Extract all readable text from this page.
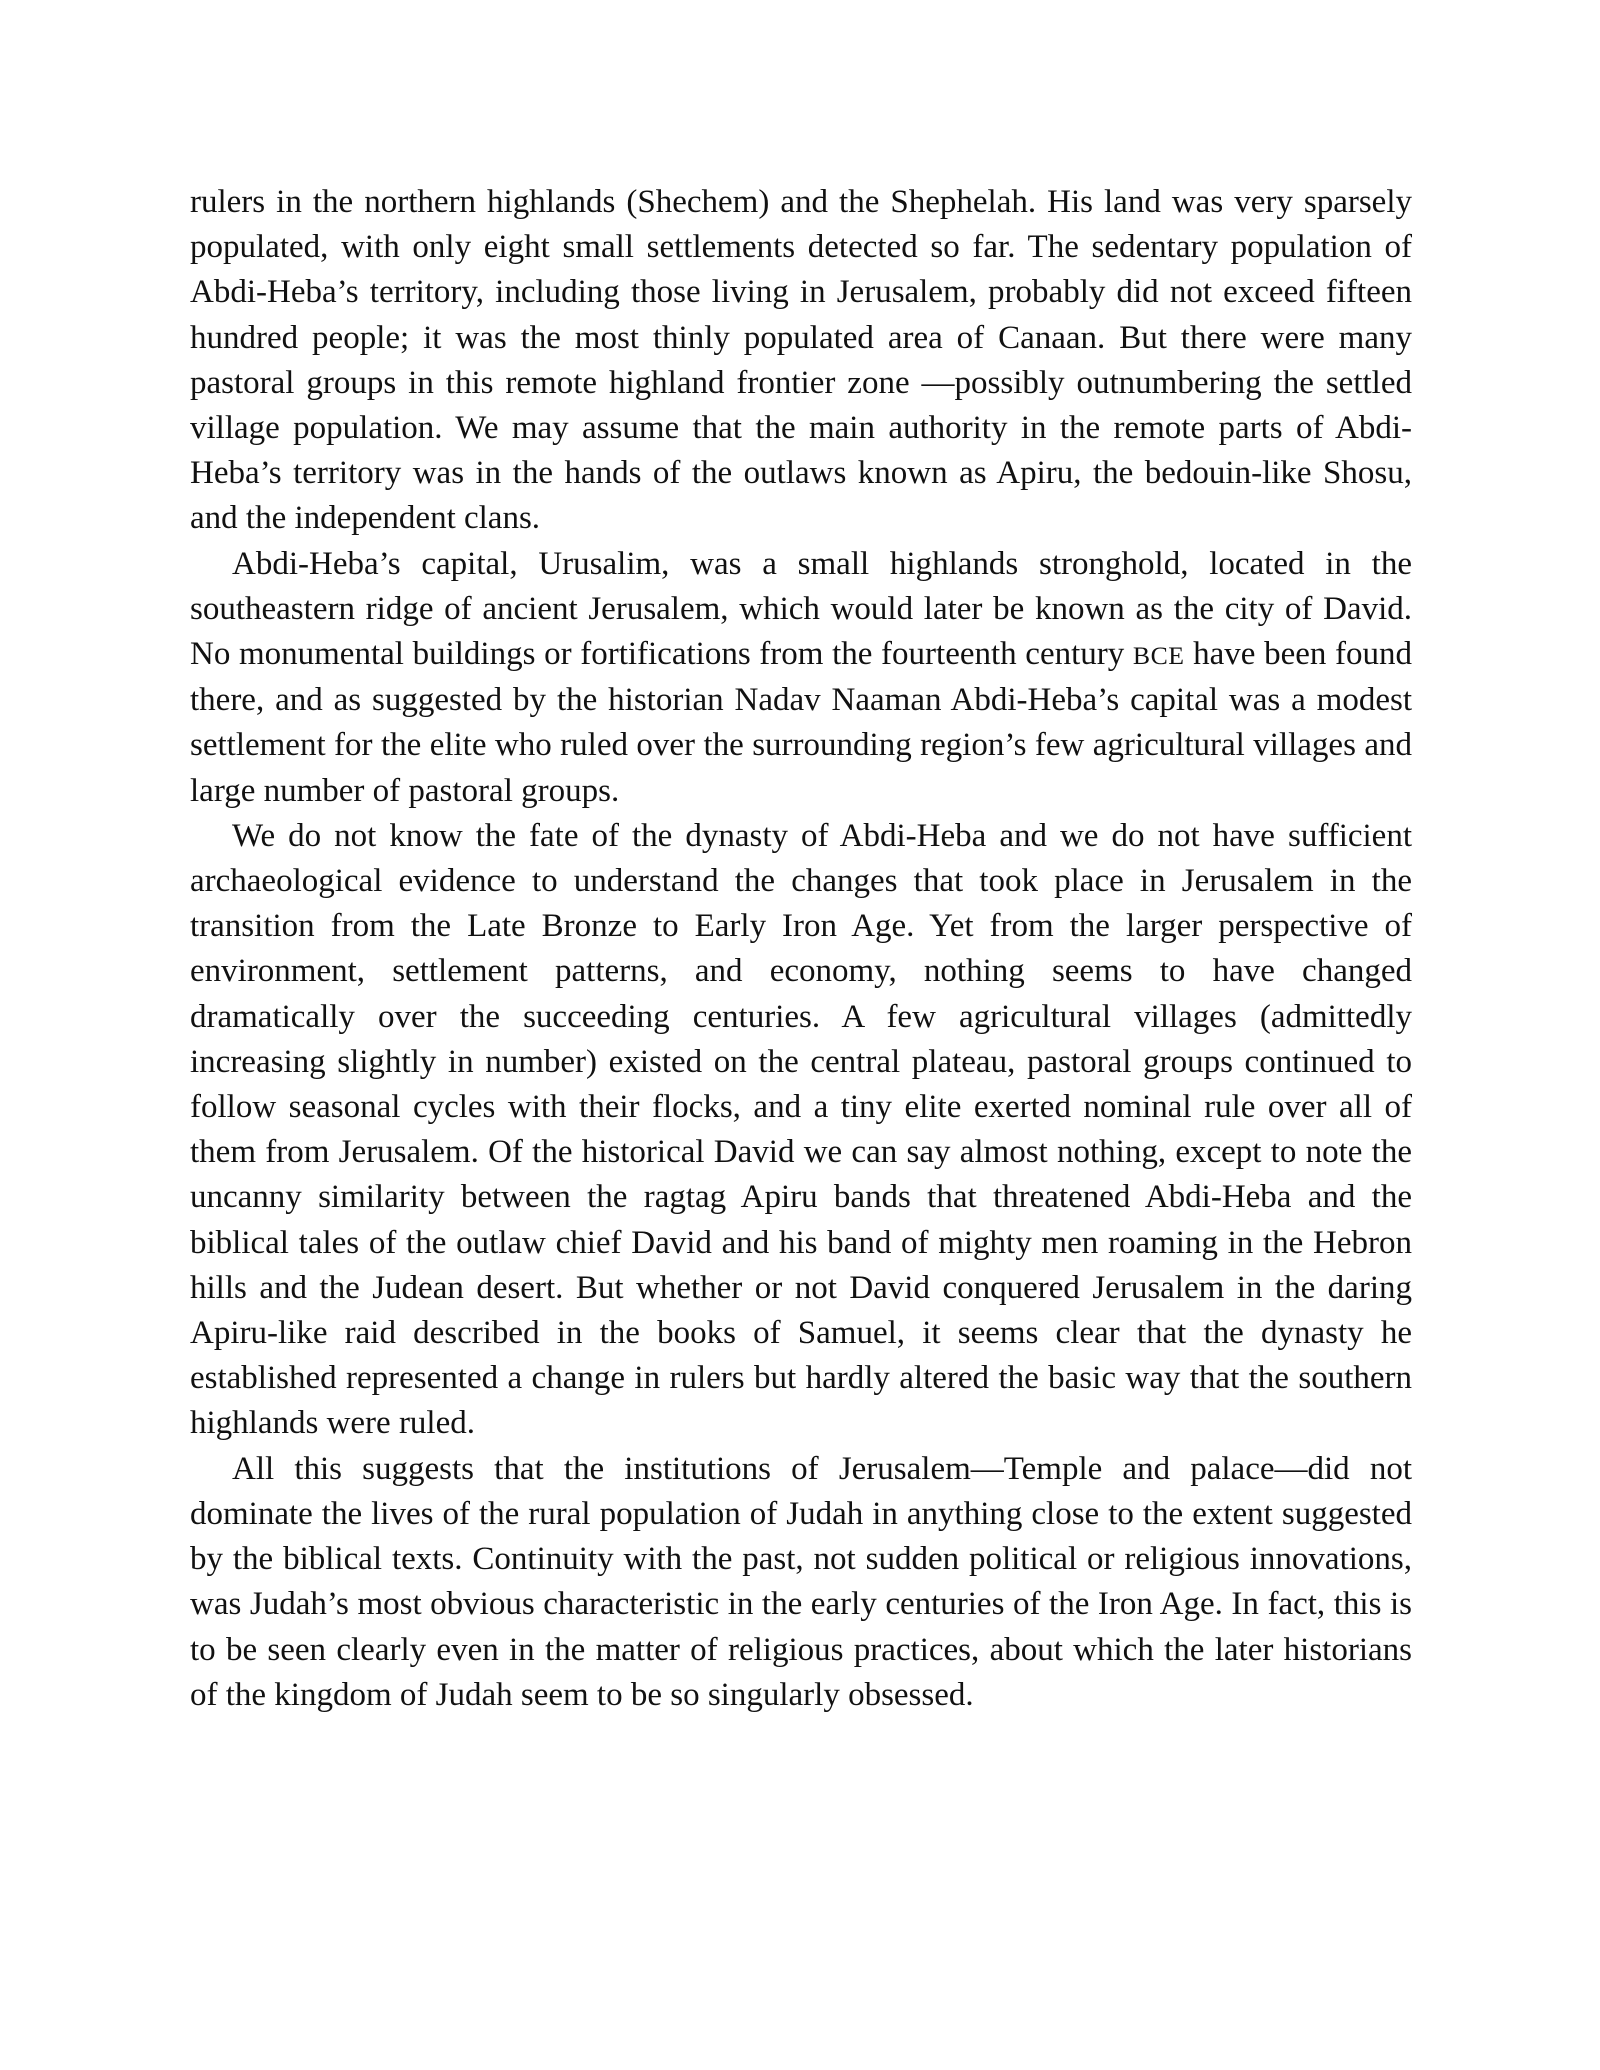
rulers in the northern highlands (Shechem) and the Shephelah. His land was very sparsely populated, with only eight small settlements detected so far. The sedentary population of Abdi-Heba’s territory, including those living in Jerusalem, probably did not exceed fifteen hundred people; it was the most thinly populated area of Canaan. But there were many pastoral groups in this remote highland frontier zone —possibly outnumbering the settled village population. We may assume that the main authority in the remote parts of Abdi-Heba’s territory was in the hands of the outlaws known as Apiru, the bedouin-like Shosu, and the independent clans.

Abdi-Heba’s capital, Urusalim, was a small highlands stronghold, located in the southeastern ridge of ancient Jerusalem, which would later be known as the city of David. No monumental buildings or fortifications from the fourteenth century BCE have been found there, and as suggested by the historian Nadav Naaman Abdi-Heba’s capital was a modest settlement for the elite who ruled over the surrounding region’s few agricultural villages and large number of pastoral groups.

We do not know the fate of the dynasty of Abdi-Heba and we do not have sufficient archaeological evidence to understand the changes that took place in Jerusalem in the transition from the Late Bronze to Early Iron Age. Yet from the larger perspective of environment, settlement patterns, and economy, nothing seems to have changed dramatically over the succeeding centuries. A few agricultural villages (admittedly increasing slightly in number) existed on the central plateau, pastoral groups continued to follow seasonal cycles with their flocks, and a tiny elite exerted nominal rule over all of them from Jerusalem. Of the historical David we can say almost nothing, except to note the uncanny similarity between the ragtag Apiru bands that threatened Abdi-Heba and the biblical tales of the outlaw chief David and his band of mighty men roaming in the Hebron hills and the Judean desert. But whether or not David conquered Jerusalem in the daring Apiru-like raid described in the books of Samuel, it seems clear that the dynasty he established represented a change in rulers but hardly altered the basic way that the southern highlands were ruled.

All this suggests that the institutions of Jerusalem—Temple and palace—did not dominate the lives of the rural population of Judah in anything close to the extent suggested by the biblical texts. Continuity with the past, not sudden political or religious innovations, was Judah’s most obvious characteristic in the early centuries of the Iron Age. In fact, this is to be seen clearly even in the matter of religious practices, about which the later historians of the kingdom of Judah seem to be so singularly obsessed.
